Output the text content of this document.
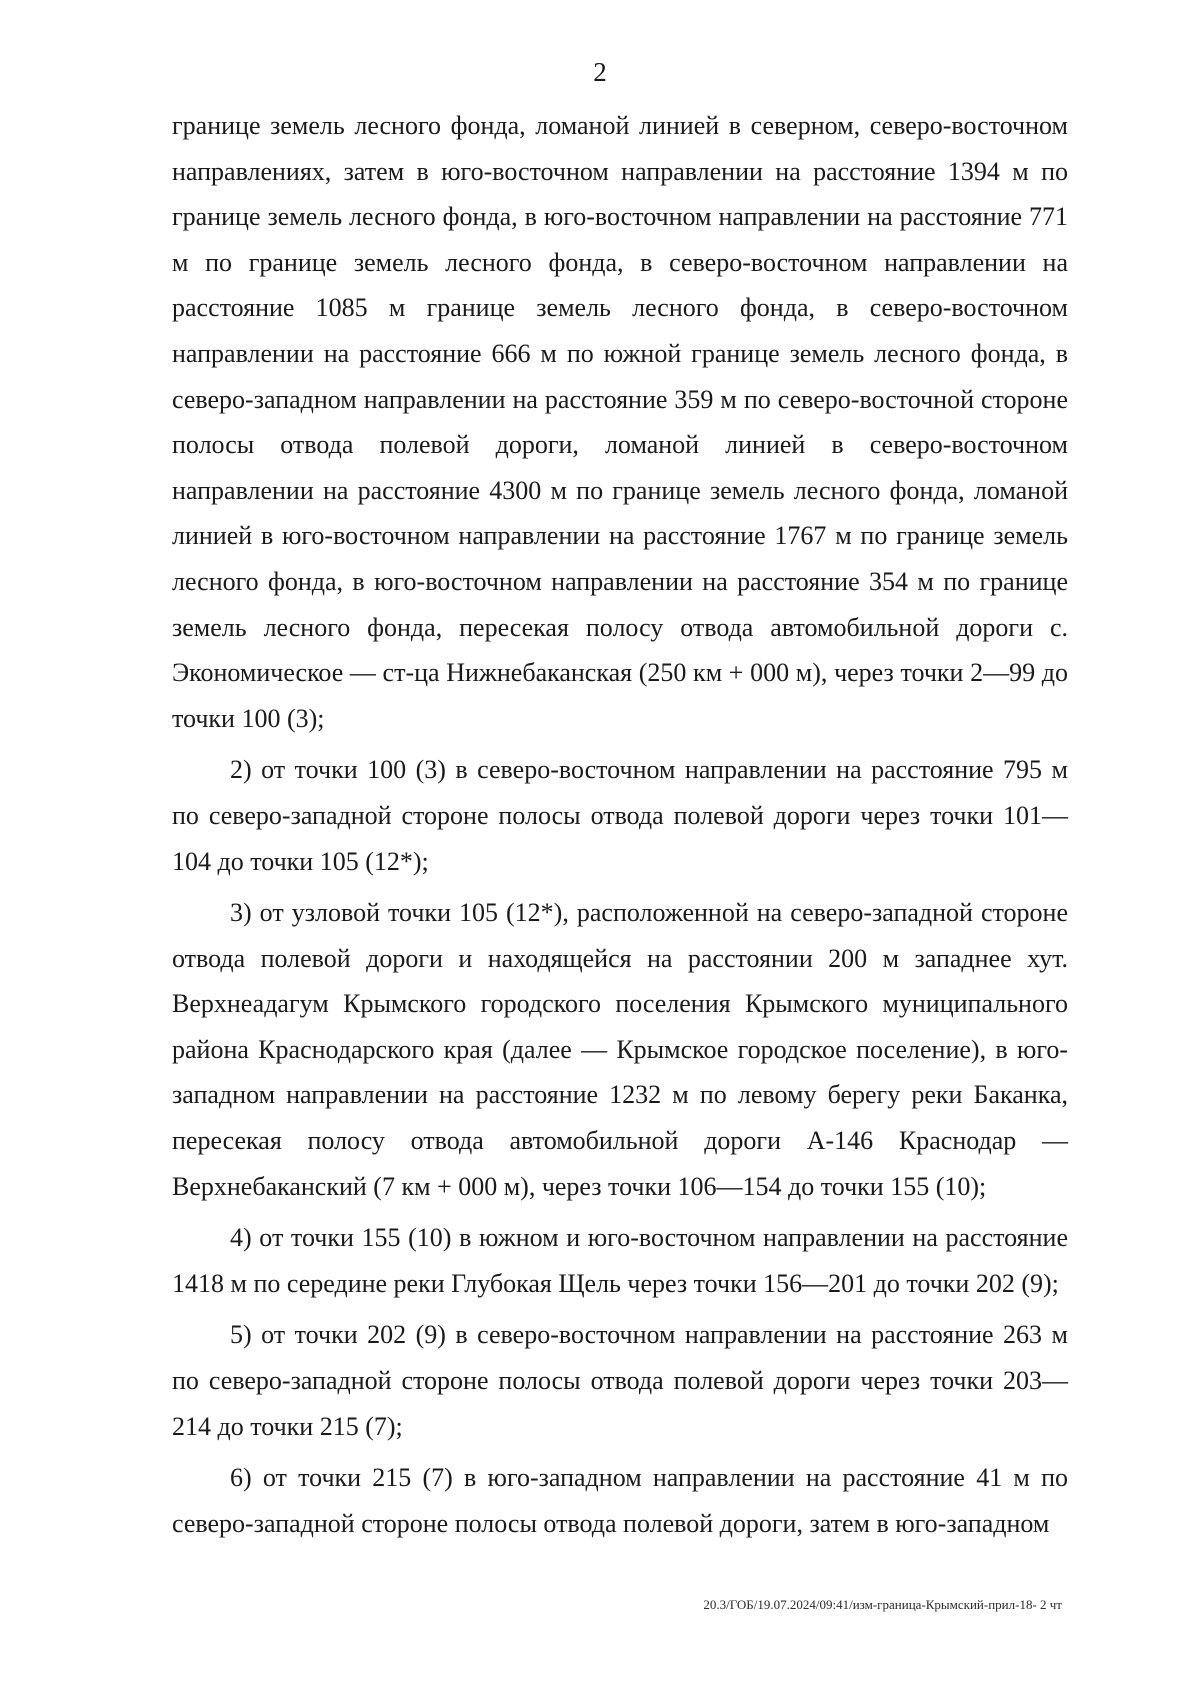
2

границе земель лесного фонда, ломаной линией в северном, северо-восточном направлениях, затем в юго-восточном направлении на расстояние 1394 м по границе земель лесного фонда, в юго-восточном направлении на расстояние 771 м по границе земель лесного фонда, в северо-восточном направлении на расстояние 1085 м границе земель лесного фонда, в северо-восточном направлении на расстояние 666 м по южной границе земель лесного фонда, в северо-западном направлении на расстояние 359 м по северо-восточной стороне полосы отвода полевой дороги, ломаной линией в северо-восточном направлении на расстояние 4300 м по границе земель лесного фонда, ломаной линией в юго-восточном направлении на расстояние 1767 м по границе земель лесного фонда, в юго-восточном направлении на расстояние 354 м по границе земель лесного фонда, пересекая полосу отвода автомобильной дороги с. Экономическое — ст-ца Нижнебаканская (250 км + 000 м), через точки 2—99 до точки 100 (3);

2) от точки 100 (3) в северо-восточном направлении на расстояние 795 м по северо-западной стороне полосы отвода полевой дороги через точки 101—104 до точки 105 (12*);

3) от узловой точки 105 (12*), расположенной на северо-западной стороне отвода полевой дороги и находящейся на расстоянии 200 м западнее хут. Верхнеадагум Крымского городского поселения Крымского муниципального района Краснодарского края (далее — Крымское городское поселение), в юго-западном направлении на расстояние 1232 м по левому берегу реки Баканка, пересекая полосу отвода автомобильной дороги А-146 Краснодар — Верхнебаканский (7 км + 000 м), через точки 106—154 до точки 155 (10);

4) от точки 155 (10) в южном и юго-восточном направлении на расстояние 1418 м по середине реки Глубокая Щель через точки 156—201 до точки 202 (9);

5) от точки 202 (9) в северо-восточном направлении на расстояние 263 м по северо-западной стороне полосы отвода полевой дороги через точки 203—214 до точки 215 (7);

6) от точки 215 (7) в юго-западном направлении на расстояние 41 м по северо-западной стороне полосы отвода полевой дороги, затем в юго-западном

20.3/ГОБ/19.07.2024/09:41/изм-граница-Крымский-прил-18- 2 чт
